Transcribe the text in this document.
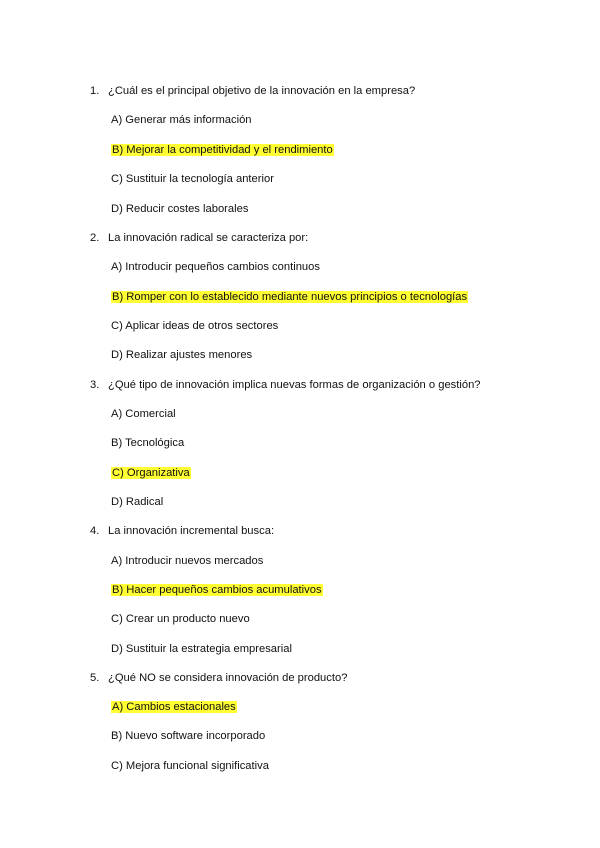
1. ¿Cuál es el principal objetivo de la innovación en la empresa?
A) Generar más información
B) Mejorar la competitividad y el rendimiento
C) Sustituir la tecnología anterior
D) Reducir costes laborales
2. La innovación radical se caracteriza por:
A) Introducir pequeños cambios continuos
B) Romper con lo establecido mediante nuevos principios o tecnologías
C) Aplicar ideas de otros sectores
D) Realizar ajustes menores
3. ¿Qué tipo de innovación implica nuevas formas de organización o gestión?
A) Comercial
B) Tecnológica
C) Organizativa
D) Radical
4. La innovación incremental busca:
A) Introducir nuevos mercados
B) Hacer pequeños cambios acumulativos
C) Crear un producto nuevo
D) Sustituir la estrategia empresarial
5. ¿Qué NO se considera innovación de producto?
A) Cambios estacionales
B) Nuevo software incorporado
C) Mejora funcional significativa
